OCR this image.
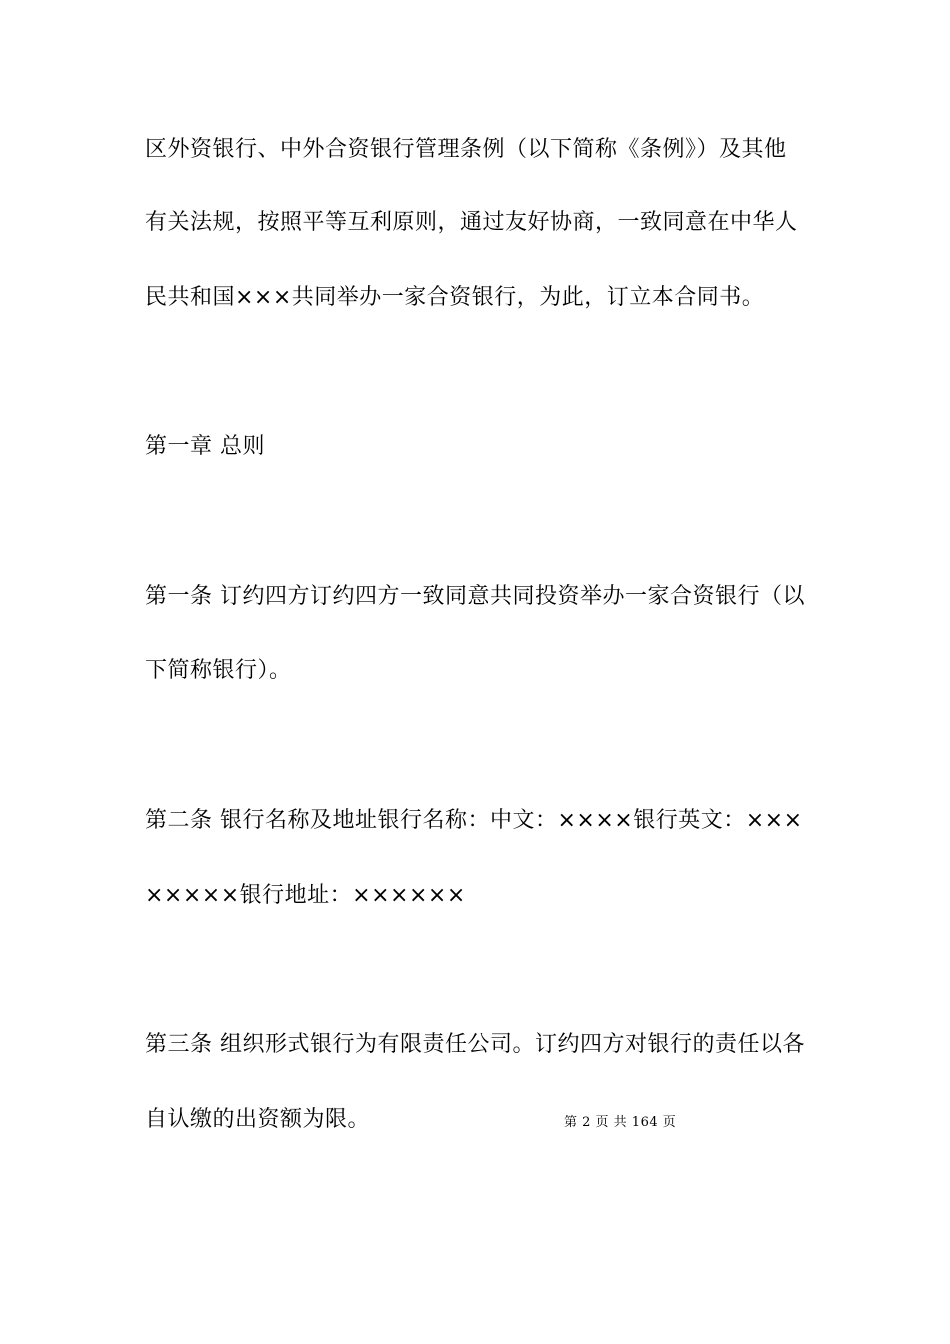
区外资银行、中外合资银行管理条例（以下简称《条例》）及其他
有关法规，按照平等互利原则，通过友好协商，一致同意在中华人
民共和国×××共同举办一家合资银行，为此，订立本合同书。
第一章 总则
第一条 订约四方订约四方一致同意共同投资举办一家合资银行（以
下简称银行）。
第二条 银行名称及地址银行名称：中文：××××银行英文：×××
×××××银行地址：××××××
第三条 组织形式银行为有限责任公司。订约四方对银行的责任以各
自认缴的出资额为限。	第 2 页 共 164 页
